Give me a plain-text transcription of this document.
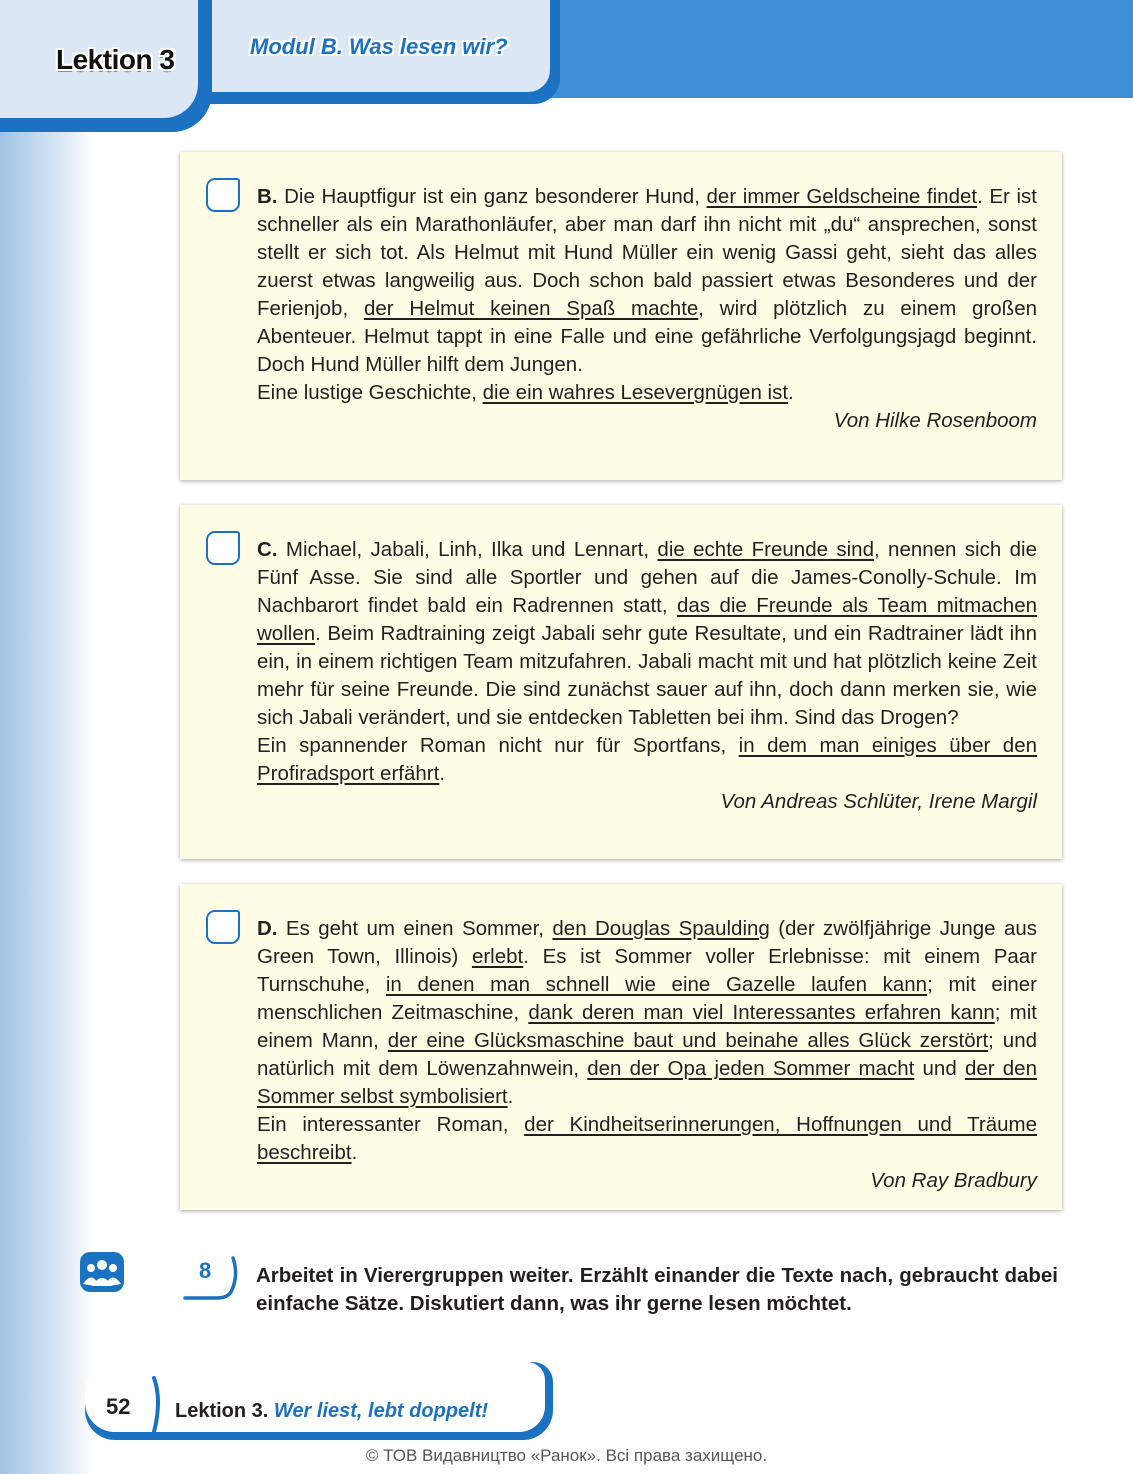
Lektion 3	Modul B. Was lesen wir?
B. Die Hauptfigur ist ein ganz besonderer Hund, der immer Geldscheine findet. Er ist schneller als ein Marathonläufer, aber man darf ihn nicht mit „du“ ansprechen, sonst stellt er sich tot. Als Helmut mit Hund Müller ein wenig Gassi geht, sieht das alles zuerst etwas langweilig aus. Doch schon bald passiert etwas Besonderes und der Ferienjob, der Helmut keinen Spaß machte, wird plötzlich zu einem großen Abenteuer. Helmut tappt in eine Falle und eine gefährliche Verfolgungsjagd beginnt. Doch Hund Müller hilft dem Jungen.
Eine lustige Geschichte, die ein wahres Lesevergnügen ist.
Von Hilke Rosenboom
C. Michael, Jabali, Linh, Ilka und Lennart, die echte Freunde sind, nennen sich die Fünf Asse. Sie sind alle Sportler und gehen auf die James-Conolly-Schule. Im Nachbarort findet bald ein Radrennen statt, das die Freunde als Team mitmachen wollen. Beim Radtraining zeigt Jabali sehr gute Resultate, und ein Radtrainer lädt ihn ein, in einem richtigen Team mitzufahren. Jabali macht mit und hat plötzlich keine Zeit mehr für seine Freunde. Die sind zunächst sauer auf ihn, doch dann merken sie, wie sich Jabali verändert, und sie entdecken Tabletten bei ihm. Sind das Drogen?
Ein spannender Roman nicht nur für Sportfans, in dem man einiges über den Profiradsport erfährt.
Von Andreas Schlüter, Irene Margil
D. Es geht um einen Sommer, den Douglas Spaulding (der zwölfjährige Junge aus Green Town, Illinois) erlebt. Es ist Sommer voller Erlebnisse: mit einem Paar Turnschuhe, in denen man schnell wie eine Gazelle laufen kann; mit einer menschlichen Zeitmaschine, dank deren man viel Interessantes erfahren kann; mit einem Mann, der eine Glücksmaschine baut und beinahe alles Glück zerstört; und natürlich mit dem Löwenzahnwein, den der Opa jeden Sommer macht und der den Sommer selbst symbolisiert.
Ein interessanter Roman, der Kindheitserinnerungen, Hoffnungen und Träume beschreibt.
Von Ray Bradbury
8 Arbeitet in Vierergruppen weiter. Erzählt einander die Texte nach, gebraucht dabei einfache Sätze. Diskutiert dann, was ihr gerne lesen möchtet.
52 Lektion 3. Wer liest, lebt doppelt!
© ТОВ Видавництво «Ранок». Всі права захищено.
